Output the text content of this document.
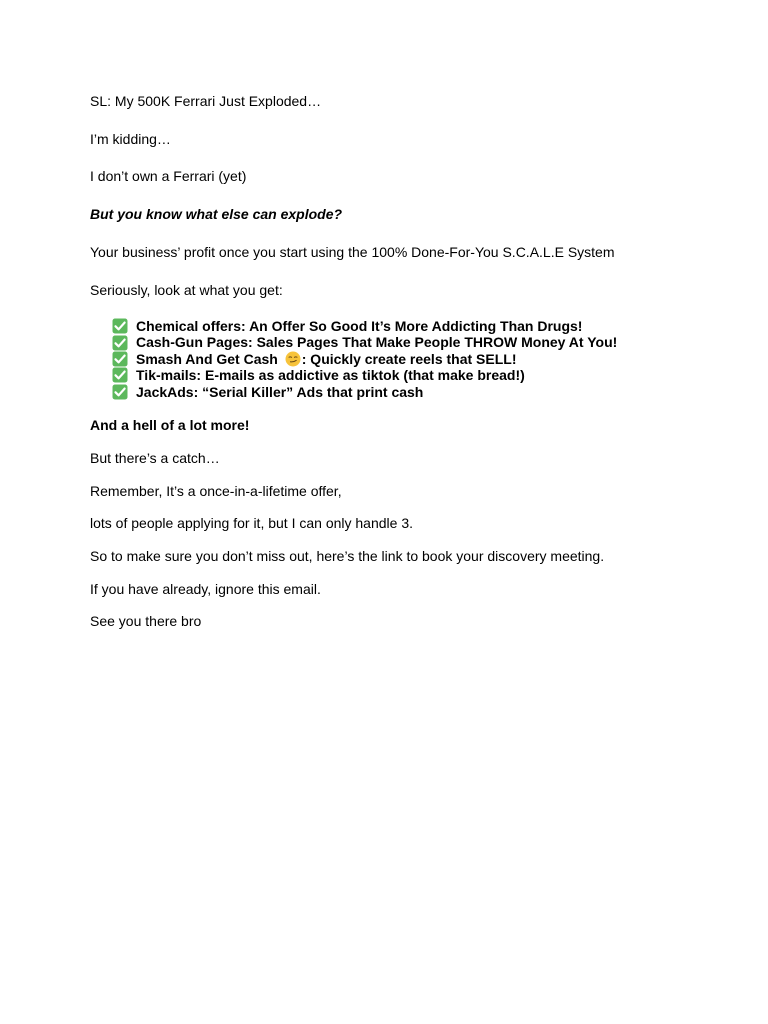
SL: My 500K Ferrari Just Exploded…
I’m kidding…
I don’t own a Ferrari (yet)
But you know what else can explode?
Your business’ profit once you start using the 100% Done-For-You S.C.A.L.E System
Seriously, look at what you get:
Chemical offers: An Offer So Good It’s More Addicting Than Drugs!
Cash-Gun Pages: Sales Pages That Make People THROW Money At You!
Smash And Get Cash : Quickly create reels that SELL!
Tik-mails: E-mails as addictive as tiktok (that make bread!)
JackAds: “Serial Killer” Ads that print cash
And a hell of a lot more!
But there’s a catch…
Remember, It’s a once-in-a-lifetime offer,
lots of people applying for it, but I can only handle 3.
So to make sure you don’t miss out, here’s the link to book your discovery meeting.
If you have already, ignore this email.
See you there bro
